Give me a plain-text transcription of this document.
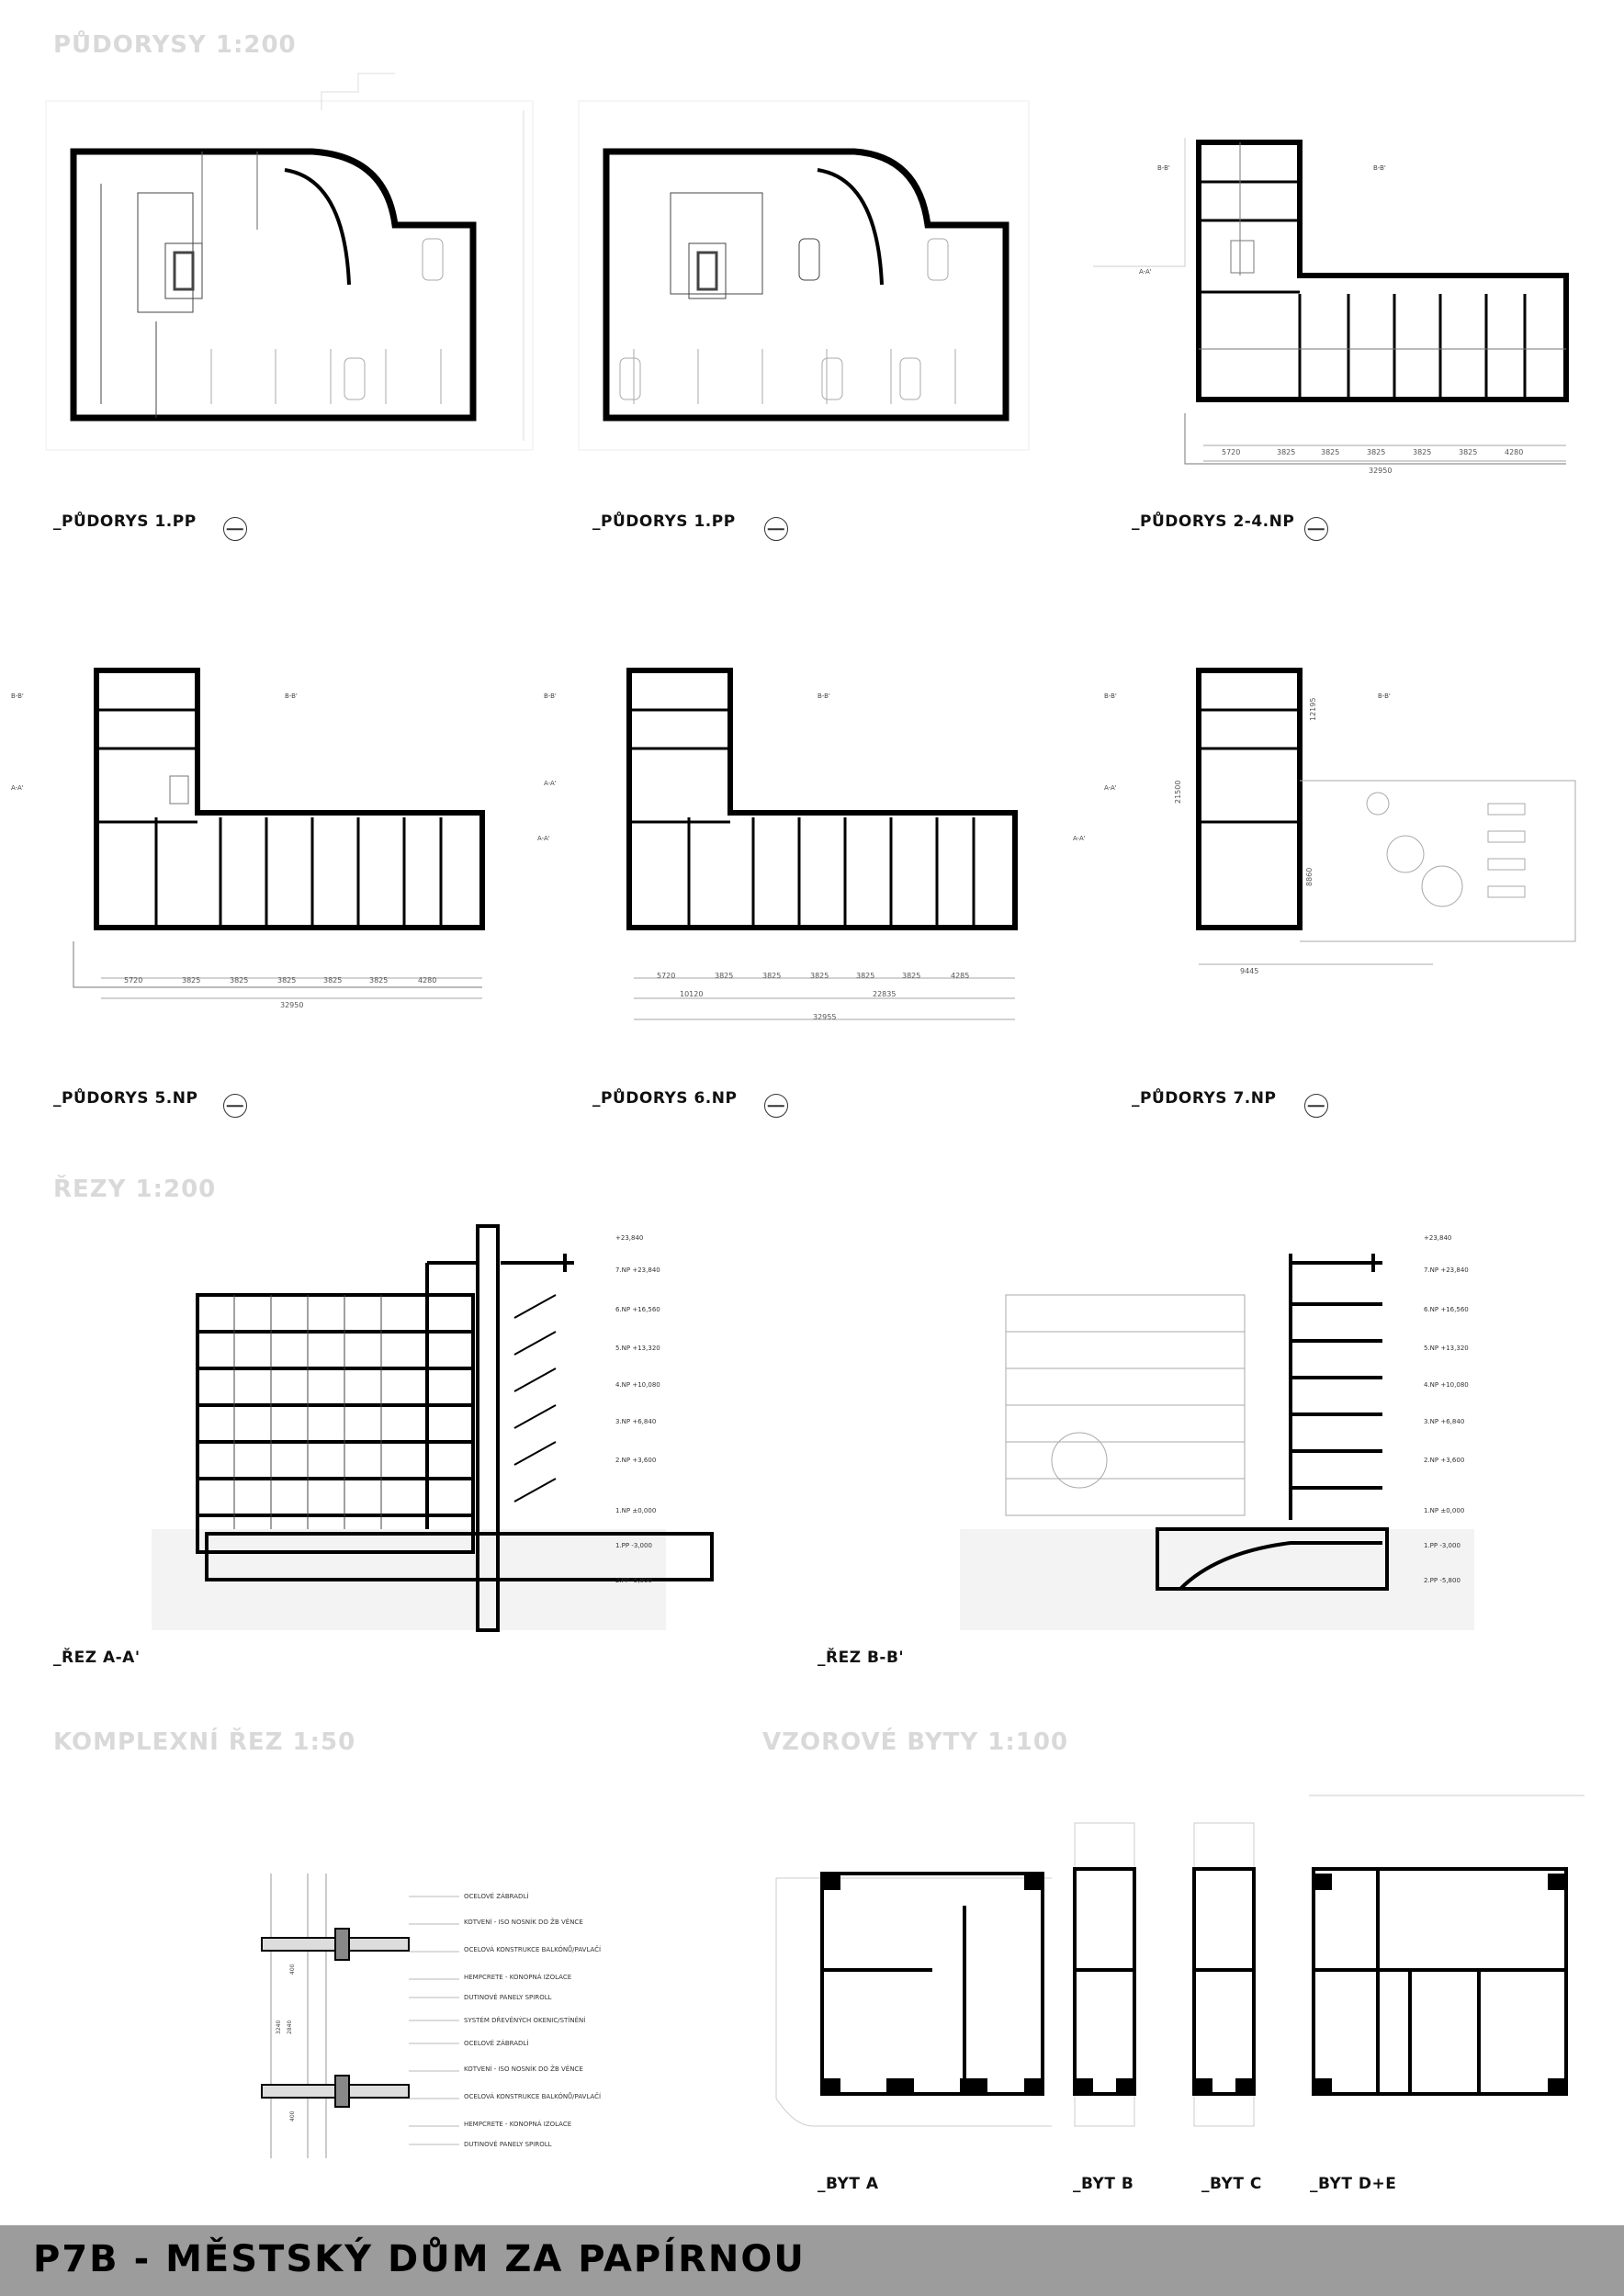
PŮDORYSY 1:200
ŘEZY 1:200
KOMPLEXNÍ ŘEZ 1:50	VZOROVÉ BYTY 1:100
_PŮDORYS 1.PP	_PŮDORYS 1.PP
B-B'	B-B'
A-A'
5720	3825	3825	3825	3825	3825	4280
32950
_PŮDORYS 2-4.NP
B-B'	B-B'
A-A'
A-A'
5720	3825	3825	3825	3825	3825	4280
32950
_PŮDORYS 5.NP
B-B'	B-B'
A-A'
A-A'
5720	3825	3825	3825	3825	3825	4285
10120	22835
32955
_PŮDORYS 6.NP
B-B'	B-B'
A-A'
12195
8860
21500
9445
_PŮDORYS 7.NP
+23,840
7.NP +23,840
6.NP +16,560
5.NP +13,320
4.NP +10,080
3.NP +6,840
2.NP +3,600
1.NP ±0,000
1.PP -3,000
2.PP -5,800
_ŘEZ A-A'
+23,840
7.NP +23,840
6.NP +16,560
5.NP +13,320
4.NP +10,080
3.NP +6,840
2.NP +3,600
1.NP ±0,000
1.PP -3,000
2.PP -5,800
_ŘEZ B-B'
OCELOVÉ ZÁBRADLÍ
KOTVENÍ - ISO NOSNÍK DO ŽB VĚNCE
OCELOVÁ KONSTRUKCE BALKÓNŮ/PAVLAČÍ
HEMPCRETE - KONOPNÁ IZOLACE
DUTINOVÉ PANELY SPIROLL
SYSTÉM DŘEVĚNÝCH OKENIC/STÍNĚNÍ
OCELOVÉ ZÁBRADLÍ
KOTVENÍ - ISO NOSNÍK DO ŽB VĚNCE
OCELOVÁ KONSTRUKCE BALKÓNŮ/PAVLAČÍ
HEMPCRETE - KONOPNÁ IZOLACE
DUTINOVÉ PANELY SPIROLL
400
3240 2840
400
_BYT A	_BYT B	_BYT C	_BYT D+E
P7B - MĚSTSKÝ DŮM ZA PAPÍRNOU
